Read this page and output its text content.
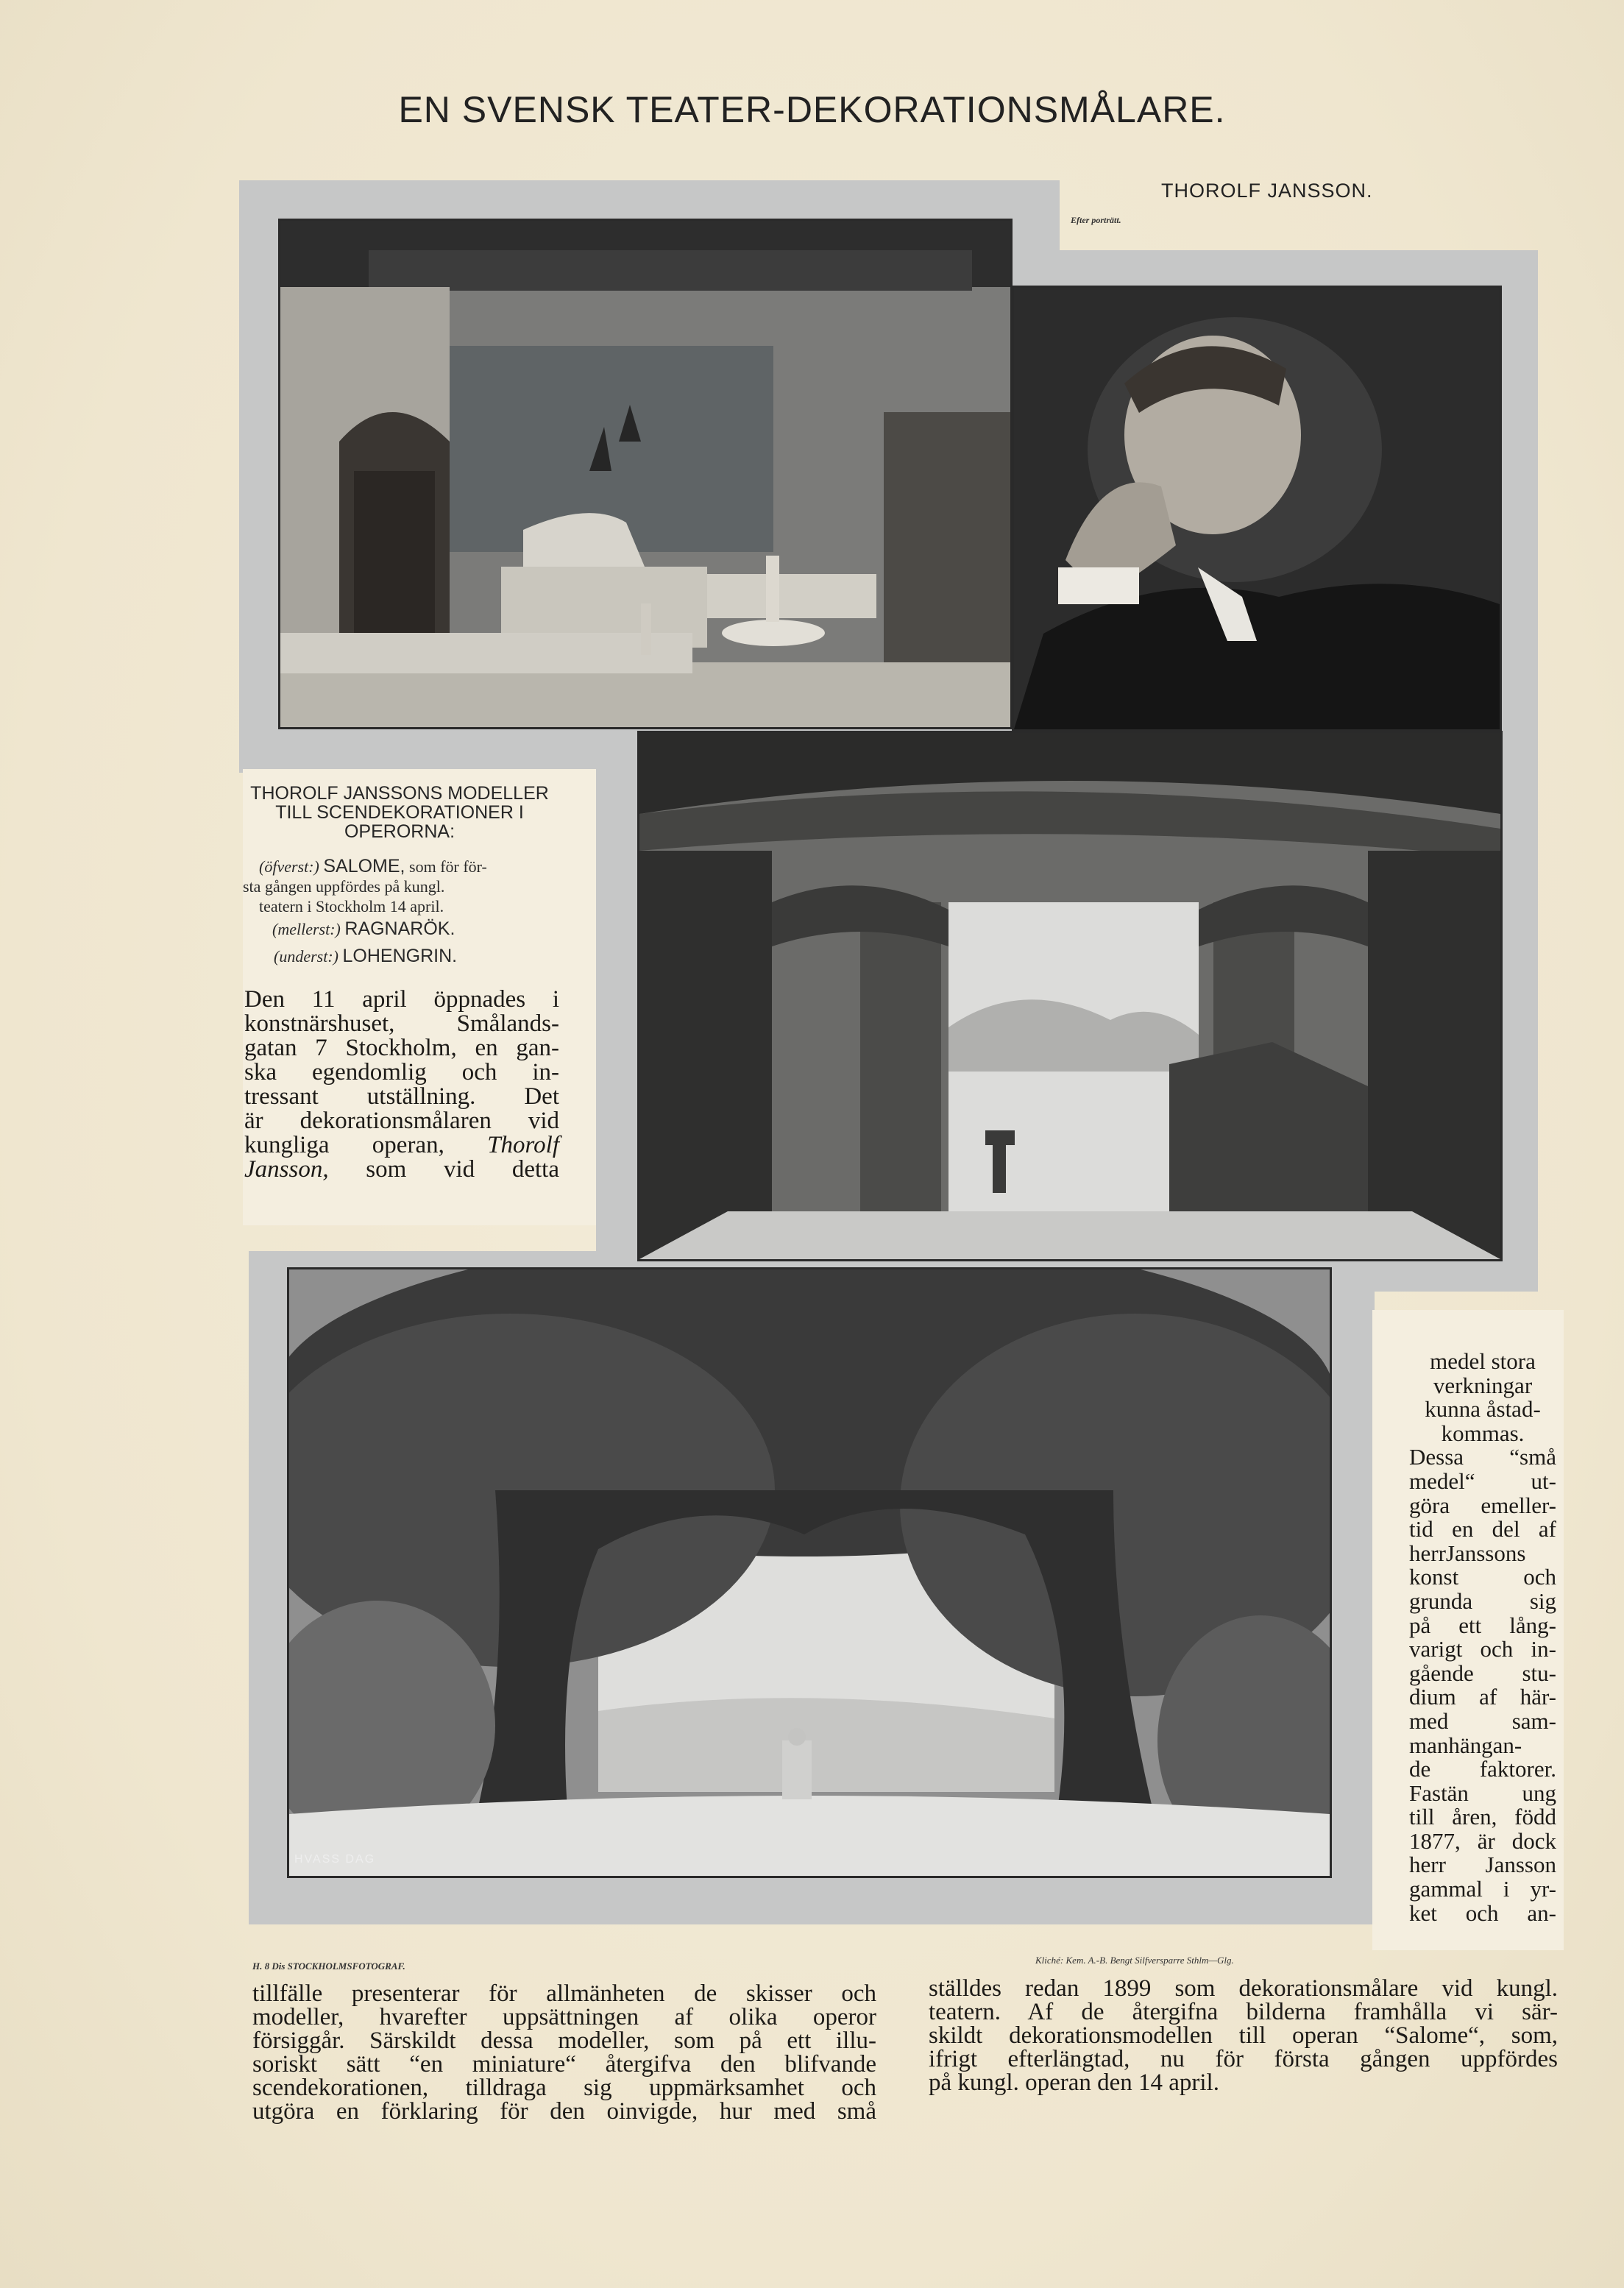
EN SVENSK TEATER-DEKORATIONSMÅLARE.
THOROLF JANSSON.
Efter porträtt.
HVASS DAG
THOROLF JANSSONS MODELLER TILL SCENDEKORATIONER I OPERORNA:
(öfverst:) SALOME, som för för-
sta gången uppfördes på kungl.
teatern i Stockholm 14 april.
(mellerst:) RAGNARÖK.
(underst:) LOHENGRIN.
Den 11 april öppnades i
konstnärshuset, Smålands-
gatan 7 Stockholm, en gan-
ska egendomlig och in-
tressant utställning. Det
är dekorationsmålaren vid
kungliga operan, Thorolf
Jansson, som vid detta
medel stora
verkningar
kunna åstad-
kommas.
Dessa “små
medel“ ut-
göra emeller-
tid en del af
herrJanssons
konst och
grunda sig
på ett lång-
varigt och in-
gående stu-
dium af här-
med sam-
manhängan-
de faktorer.
Fastän ung
till åren, född
1877, är dock
herr Jansson
gammal i yr-
ket och an-
H. 8 Dis STOCKHOLMSFOTOGRAF.
Kliché: Kem. A.-B. Bengt Silfversparre Sthlm—Glg.
tillfälle presenterar för allmänheten de skisser och
modeller, hvarefter uppsättningen af olika operor
försiggår. Särskildt dessa modeller, som på ett illu-
soriskt sätt “en miniature“ återgifva den blifvande
scendekorationen, tilldraga sig uppmärksamhet och
utgöra en förklaring för den oinvigde, hur med små
ställdes redan 1899 som dekorationsmålare vid kungl.
teatern. Af de återgifna bilderna framhålla vi sär-
skildt dekorationsmodellen till operan “Salome“, som,
ifrigt efterlängtad, nu för första gången uppfördes
på kungl. operan den 14 april.
